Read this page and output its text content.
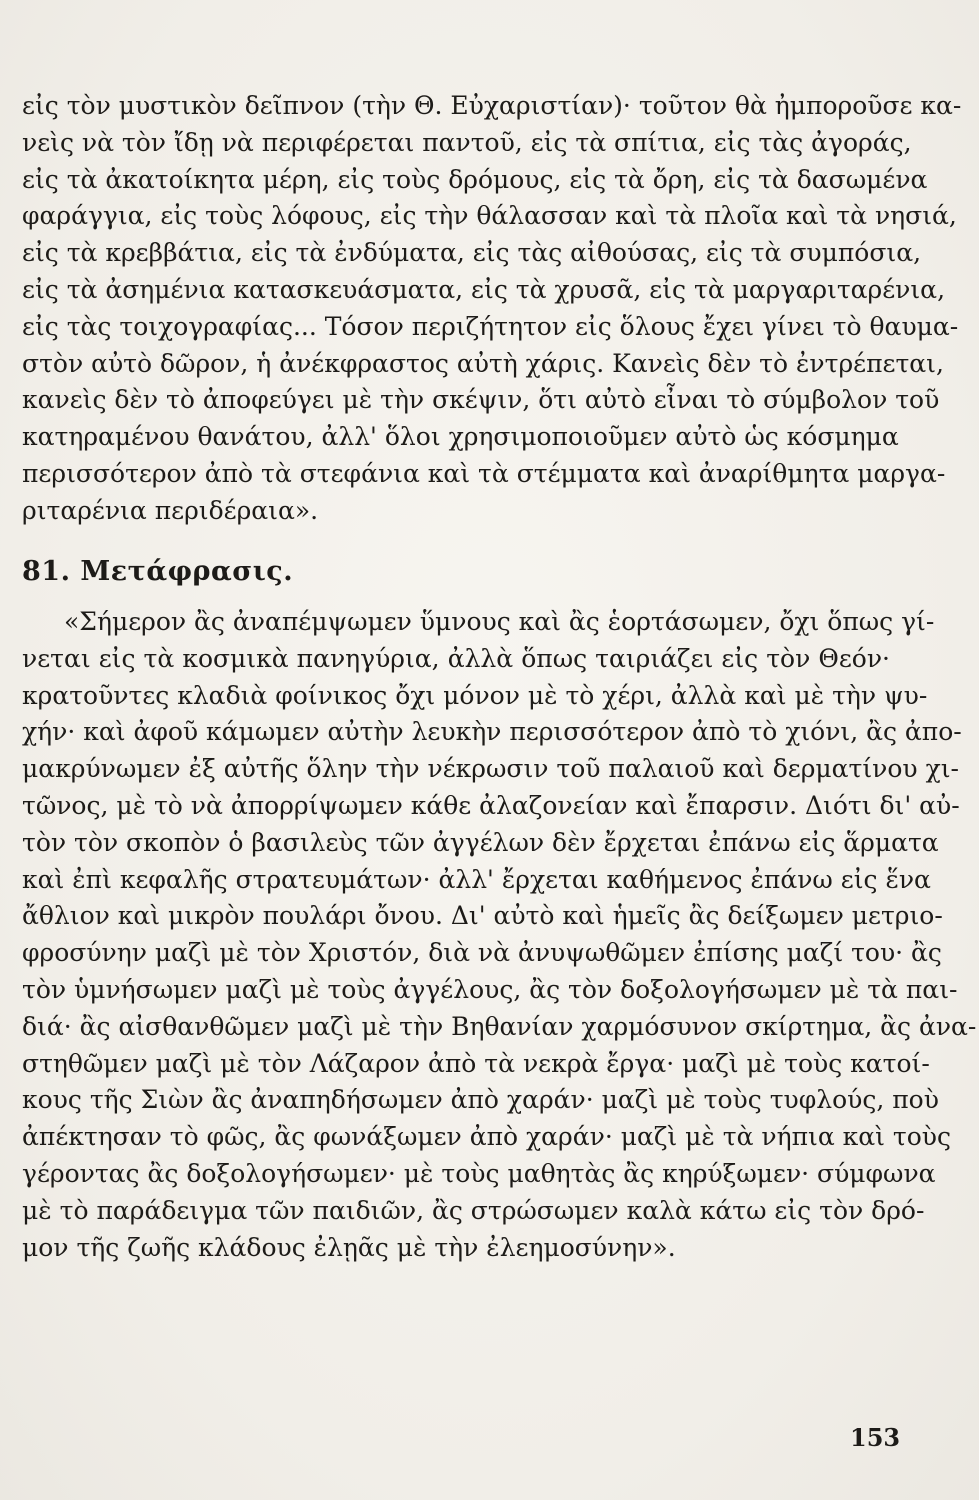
εἰς τὸν μυστικὸν δεῖπνον (τὴν Θ. Εὐχαριστίαν)· τοῦτον θὰ ἠμποροῦσε κα-
νεὶς νὰ τὸν ἴδῃ νὰ περιφέρεται παντοῦ, εἰς τὰ σπίτια, εἰς τὰς ἀγοράς,
εἰς τὰ ἀκατοίκητα μέρη, εἰς τοὺς δρόμους, εἰς τὰ ὄρη, εἰς τὰ δασωμένα
φαράγγια, εἰς τοὺς λόφους, εἰς τὴν θάλασσαν καὶ τὰ πλοῖα καὶ τὰ νησιά,
εἰς τὰ κρεββάτια, εἰς τὰ ἐνδύματα, εἰς τὰς αἰθούσας, εἰς τὰ συμπόσια,
εἰς τὰ ἀσημένια κατασκευάσματα, εἰς τὰ χρυσᾶ, εἰς τὰ μαργαριταρένια,
εἰς τὰς τοιχογραφίας... Τόσον περιζήτητον εἰς ὅλους ἔχει γίνει τὸ θαυμα-
στὸν αὐτὸ δῶρον, ἡ ἀνέκφραστος αὐτὴ χάρις. Κανεὶς δὲν τὸ ἐντρέπεται,
κανεὶς δὲν τὸ ἀποφεύγει μὲ τὴν σκέψιν, ὅτι αὐτὸ εἶναι τὸ σύμβολον τοῦ
κατηραμένου θανάτου, ἀλλ' ὅλοι χρησιμοποιοῦμεν αὐτὸ ὡς κόσμημα
περισσότερον ἀπὸ τὰ στεφάνια καὶ τὰ στέμματα καὶ ἀναρίθμητα μαργα-
ριταρένια περιδέραια».
81. Μετάφρασις.
«Σήμερον ἂς ἀναπέμψωμεν ὕμνους καὶ ἂς ἑορτάσωμεν, ὄχι ὅπως γί-
νεται εἰς τὰ κοσμικὰ πανηγύρια, ἀλλὰ ὅπως ταιριάζει εἰς τὸν Θεόν·
κρατοῦντες κλαδιὰ φοίνικος ὄχι μόνον μὲ τὸ χέρι, ἀλλὰ καὶ μὲ τὴν ψυ-
χήν· καὶ ἀφοῦ κάμωμεν αὐτὴν λευκὴν περισσότερον ἀπὸ τὸ χιόνι, ἂς ἀπο-
μακρύνωμεν ἐξ αὐτῆς ὅλην τὴν νέκρωσιν τοῦ παλαιοῦ καὶ δερματίνου χι-
τῶνος, μὲ τὸ νὰ ἀπορρίψωμεν κάθε ἀλαζονείαν καὶ ἔπαρσιν. Διότι δι' αὐ-
τὸν τὸν σκοπὸν ὁ βασιλεὺς τῶν ἀγγέλων δὲν ἔρχεται ἐπάνω εἰς ἅρματα
καὶ ἐπὶ κεφαλῆς στρατευμάτων· ἀλλ' ἔρχεται καθήμενος ἐπάνω εἰς ἕνα
ἄθλιον καὶ μικρὸν πουλάρι ὄνου. Δι' αὐτὸ καὶ ἡμεῖς ἂς δείξωμεν μετριο-
φροσύνην μαζὶ μὲ τὸν Χριστόν, διὰ νὰ ἀνυψωθῶμεν ἐπίσης μαζί του· ἂς
τὸν ὑμνήσωμεν μαζὶ μὲ τοὺς ἀγγέλους, ἂς τὸν δοξολογήσωμεν μὲ τὰ παι-
διά· ἂς αἰσθανθῶμεν μαζὶ μὲ τὴν Βηθανίαν χαρμόσυνον σκίρτημα, ἂς ἀνα-
στηθῶμεν μαζὶ μὲ τὸν Λάζαρον ἀπὸ τὰ νεκρὰ ἔργα· μαζὶ μὲ τοὺς κατοί-
κους τῆς Σιὼν ἂς ἀναπηδήσωμεν ἀπὸ χαράν· μαζὶ μὲ τοὺς τυφλούς, ποὺ
ἀπέκτησαν τὸ φῶς, ἂς φωνάξωμεν ἀπὸ χαράν· μαζὶ μὲ τὰ νήπια καὶ τοὺς
γέροντας ἂς δοξολογήσωμεν· μὲ τοὺς μαθητὰς ἂς κηρύξωμεν· σύμφωνα
μὲ τὸ παράδειγμα τῶν παιδιῶν, ἂς στρώσωμεν καλὰ κάτω εἰς τὸν δρό-
μον τῆς ζωῆς κλάδους ἐλῃᾶς μὲ τὴν ἐλεημοσύνην».
153
